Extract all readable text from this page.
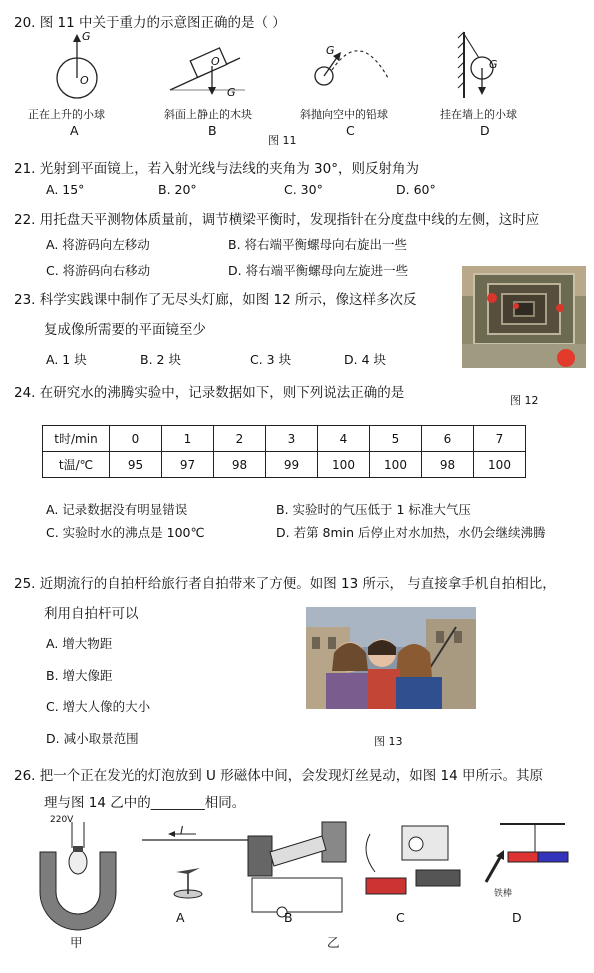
20. 图 11 中关于重力的示意图正确的是（ ）
G
O
G
O
G
G
正在上升的小球	斜面上静止的木块	斜抛向空中的铅球	挂在墙上的小球
A	B	C	D
图 11
21. 光射到平面镜上，若入射光线与法线的夹角为 30°，则反射角为
A. 15°	B. 20°	C. 30°	D. 60°
22. 用托盘天平测物体质量前，调节横梁平衡时，发现指针在分度盘中线的左侧，这时应
A. 将游码向左移动	B. 将右端平衡螺母向右旋出一些
C. 将游码向右移动	D. 将右端平衡螺母向左旋进一些
23. 科学实践课中制作了无尽头灯廊，如图 12 所示，像这样多次反
复成像所需要的平面镜至少
A. 1 块	B. 2 块	C. 3 块	D. 4 块
图 12
24. 在研究水的沸腾实验中，记录数据如下，则下列说法正确的是
t时/min	0	1	2	3	4	5	6	7
t温/℃	95	97	98	99	100	100	98	100
A. 记录数据没有明显错误	B. 实验时的气压低于 1 标准大气压
C. 实验时水的沸点是 100℃	D. 若第 8min 后停止对水加热，水仍会继续沸腾
25. 近期流行的自拍杆给旅行者自拍带来了方便。如图 13 所示， 与直接拿手机自拍相比，
利用自拍杆可以
A. 增大物距
B. 增大像距
C. 增大人像的大小
D. 减小取景范围	图 13
26. 把一个正在发光的灯泡放到 U 形磁体中间，会发现灯丝晃动，如图 14 甲所示。其原
理与图 14 乙中的________相同。
220V
I
铁棒
A	B	C	D
甲	乙
